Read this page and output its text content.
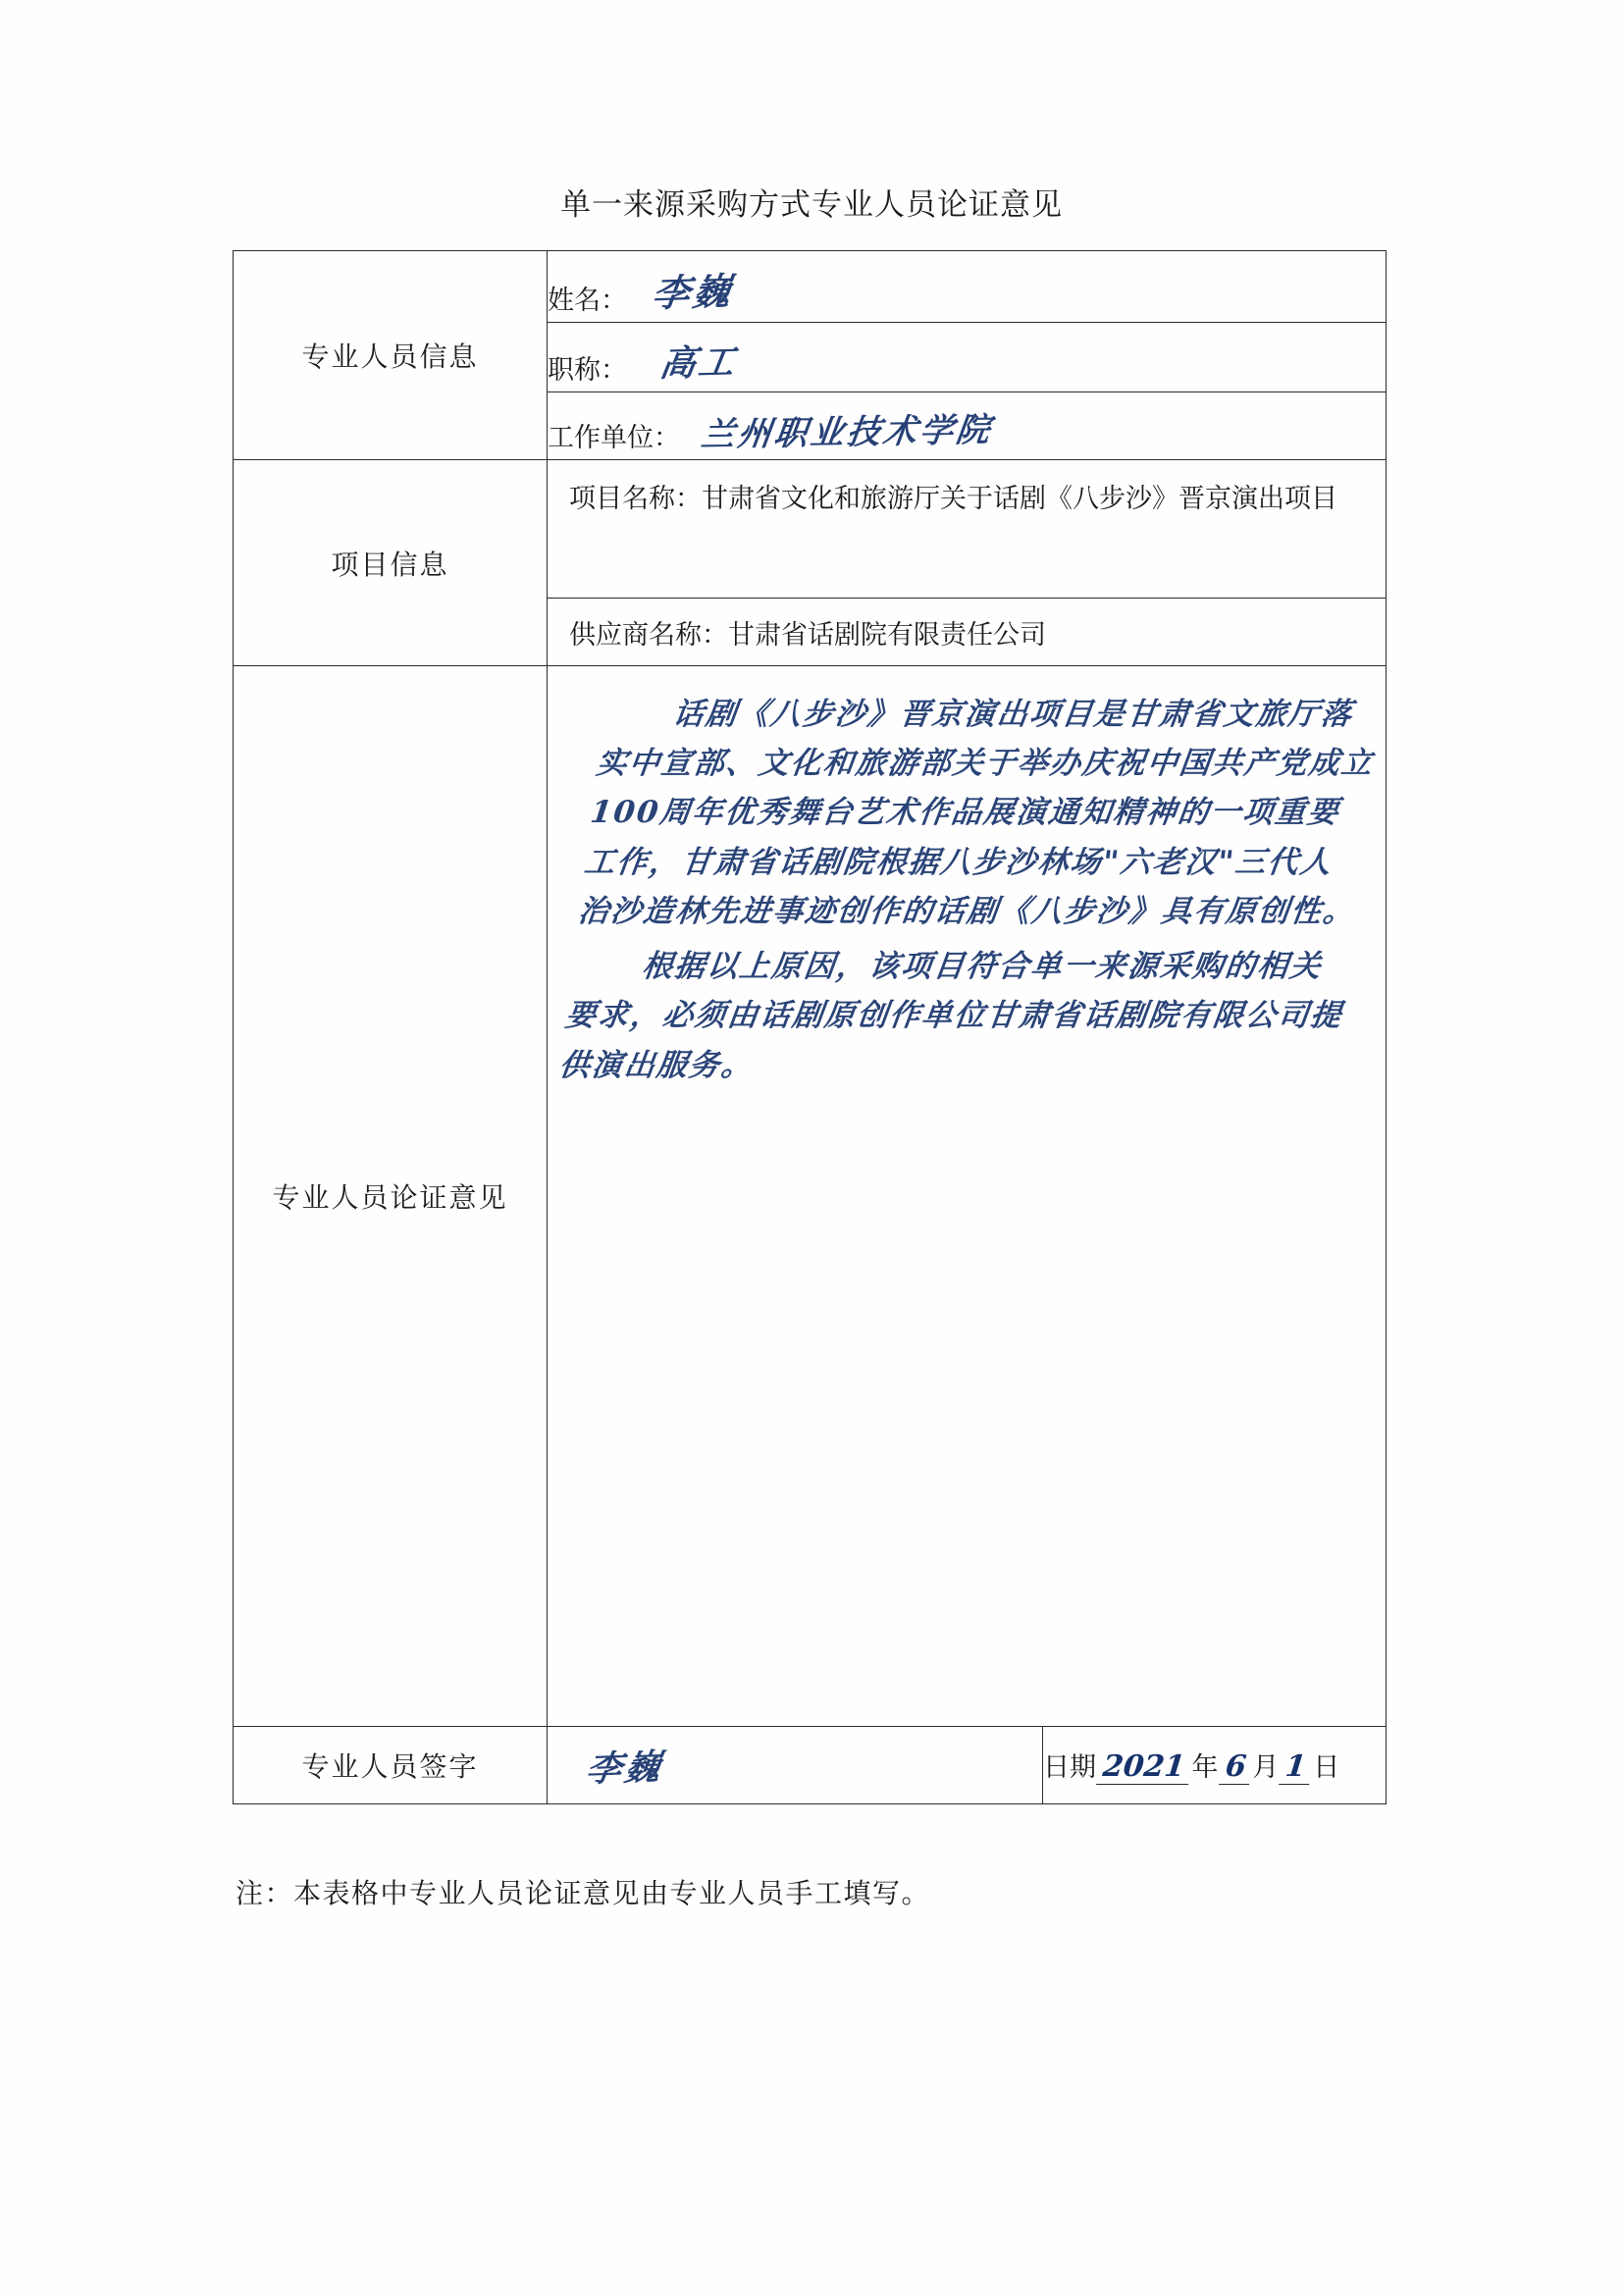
单一来源采购方式专业人员论证意见
专业人员信息	姓名： 李巍	

	职称： 高工	

	工作单位： 兰州职业技术学院	

项目信息	项目名称：甘肃省文化和旅游厅关于话剧《八步沙》晋京演出项目	

	供应商名称：甘肃省话剧院有限责任公司	

专业人员论证意见	话剧《八步沙》晋京演出项目是甘肃省文旅厅落实中宣部、文化和旅游部关于举办庆祝中国共产党成立100周年优秀舞台艺术作品展演通知精神的一项重要工作，甘肃省话剧院根据八步沙林场"六老汉"三代人治沙造林先进事迹创作的话剧《八步沙》具有原创性。

根据以上原因，该项目符合单一来源采购的相关要求，必须由话剧原创作单位甘肃省话剧院有限公司提供演出服务。	

专业人员签字	李巍	日期 2021 年 6 月 1 日
注：本表格中专业人员论证意见由专业人员手工填写。
